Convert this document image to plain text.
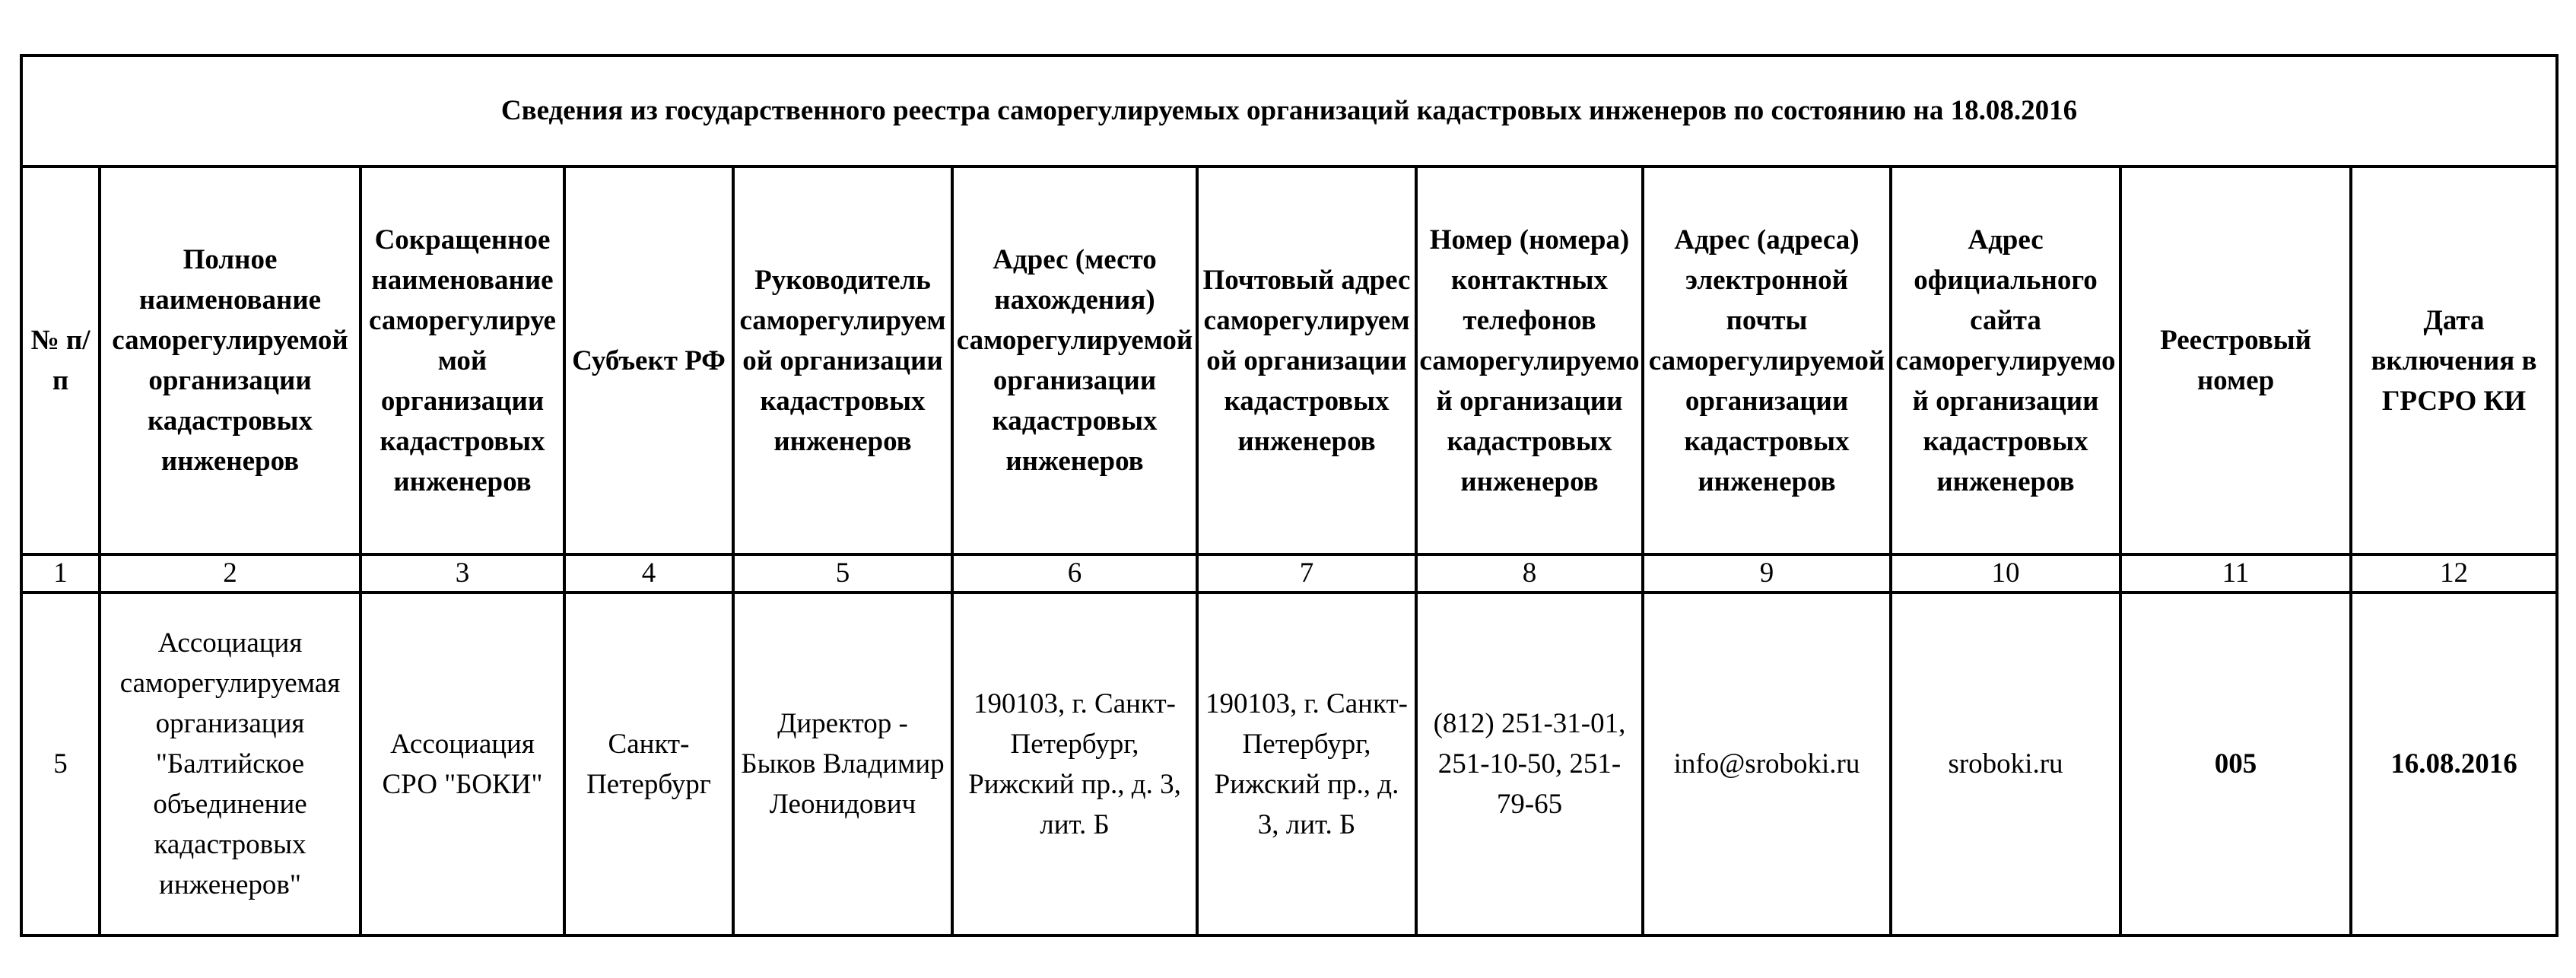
Сведения из государственного реестра саморегулируемых организаций кадастровых инженеров по состоянию на 18.08.2016											
№ п/п	Полное наименование саморегулируемой организации кадастровых инженеров	Сокращенное наименование саморегулируемой организации кадастровых инженеров	Субъект РФ	Руководитель саморегулируемой организации кадастровых инженеров	Адрес (место нахождения) саморегулируемой организации кадастровых инженеров	Почтовый адрес саморегулируемой организации кадастровых инженеров	Номер (номера) контактных телефонов саморегулируемой организации кадастровых инженеров	Адрес (адреса) электронной почты саморегулируемой организации кадастровых инженеров	Адрес официального сайта саморегулируемой организации кадастровых инженеров	Реестровый номер	Дата включения в ГРСРО КИ
1	2	3	4	5	6	7	8	9	10	11	12
5	Ассоциация саморегулируемая организация "Балтийское объединение кадастровых инженеров"	Ассоциация СРО "БОКИ"	Санкт-Петербург	Директор - Быков Владимир Леонидович	190103, г. Санкт-Петербург, Рижский пр., д. 3, лит. Б	190103, г. Санкт-Петербург, Рижский пр., д. 3, лит. Б	(812) 251-31-01, 251-10-50, 251-79-65	info@sroboki.ru	sroboki.ru	005	16.08.2016
